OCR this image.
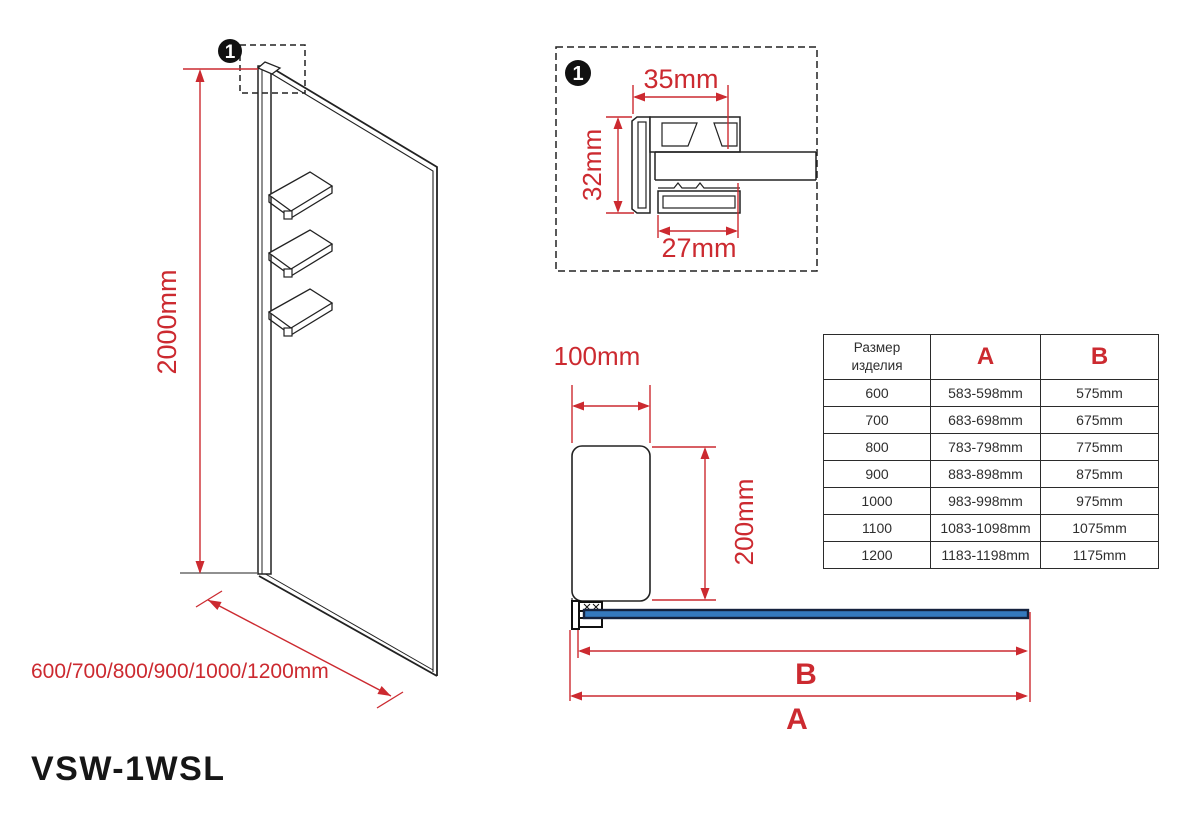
1
2000mm
600/700/800/900/1000/1200mm
1 35mm
32mm
27mm
100mm
200mm
B
A
Размер изделия	A	B
600	583-598mm	575mm
700	683-698mm	675mm
800	783-798mm	775mm
900	883-898mm	875mm
1000	983-998mm	975mm
1100	1083-1098mm	1075mm
1200	1183-1198mm	1175mm
VSW-1WSL
